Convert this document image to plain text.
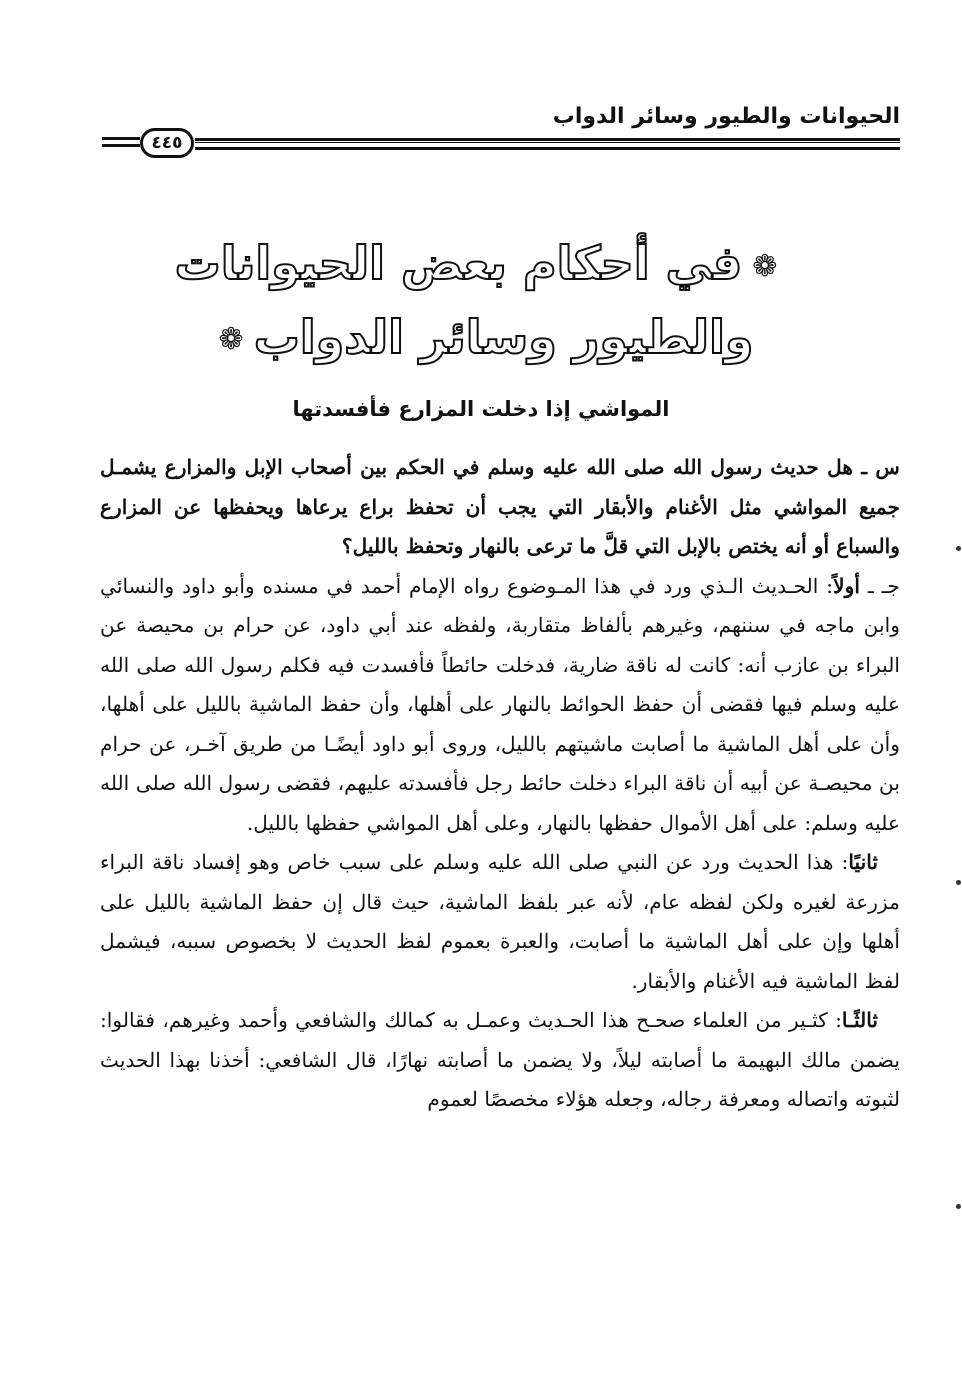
الحيوانات والطيور وسائر الدواب
٤٤٥
❁في أحكام بعض الحيوانات
والطيور وسائر الدواب❁
المواشي إذا دخلت المزارع فأفسدتها

س ـ هل حديث رسول الله صلى الله عليه وسلم في الحكم بين أصحاب الإبل والمزارع يشمـل جميع المواشي مثل الأغنام والأبقار التي يجب أن تحفظ براع يرعاها ويحفظها عن المزارع والسباع أو أنه يختص بالإبل التي قلَّ ما ترعى بالنهار وتحفظ بالليل؟

جـ ـ أولاً: الحـديث الـذي ورد في هذا المـوضوع رواه الإمام أحمد في مسنده وأبو داود والنسائي وابن ماجه في سننهم، وغيرهم بألفاظ متقاربة، ولفظه عند أبي داود، عن حرام بن محيصة عن البراء بن عازب أنه: كانت له ناقة ضارية، فدخلت حائطاً فأفسدت فيه فكلم رسول الله صلى الله عليه وسلم فيها فقضى أن حفظ الحوائط بالنهار على أهلها، وأن حفظ الماشية بالليل على أهلها، وأن على أهل الماشية ما أصابت ماشيتهم بالليل، وروى أبو داود أيضًـا من طريق آخـر، عن حرام بن محيصـة عن أبيه أن ناقة البراء دخلت حائط رجل فأفسدته عليهم، فقضى رسول الله صلى الله عليه وسلم: على أهل الأموال حفظها بالنهار، وعلى أهل المواشي حفظها بالليل.

ثانيًا: هذا الحديث ورد عن النبي صلى الله عليه وسلم على سبب خاص وهو إفساد ناقة البراء مزرعة لغيره ولكن لفظه عام، لأنه عبر بلفظ الماشية، حيث قال إن حفظ الماشية بالليل على أهلها وإن على أهل الماشية ما أصابت، والعبرة بعموم لفظ الحديث لا بخصوص سببه، فيشمل لفظ الماشية فيه الأغنام والأبقار.

ثالثًـا: كثـير من العلماء صحـح هذا الحـديث وعمـل به كمالك والشافعي وأحمد وغيرهم، فقالوا: يضمن مالك البهيمة ما أصابته ليلاً، ولا يضمن ما أصابته نهارًا، قال الشافعي: أخذنا بهذا الحديث لثبوته واتصاله ومعرفة رجاله، وجعله هؤلاء مخصصًا لعموم
